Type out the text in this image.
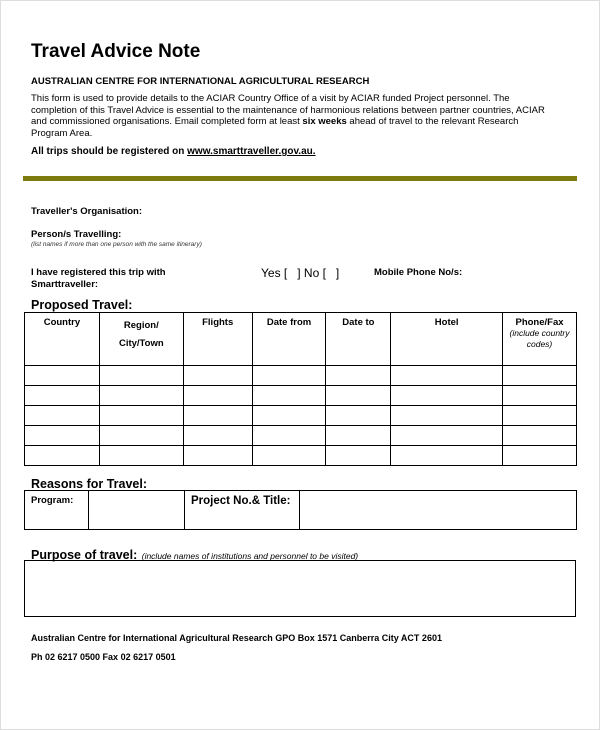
Travel Advice Note
AUSTRALIAN CENTRE FOR INTERNATIONAL AGRICULTURAL RESEARCH
This form is used to provide details to the ACIAR Country Office of a visit by ACIAR funded Project personnel. The completion of this Travel Advice is essential to the maintenance of harmonious relations between partner countries, ACIAR and commissioned organisations. Email completed form at least six weeks ahead of travel to the relevant Research Program Area.
All trips should be registered on www.smarttraveller.gov.au.
Traveller's Organisation:
Person/s Travelling:
(list names if more than one person with the same itinerary)
I have registered this trip with Smarttraveller:
Yes [   ] No [   ]	Mobile Phone No/s:
Proposed Travel:
Country	Region/ City/Town	Flights	Date from	Date to	Hotel	Phone/Fax
(include country codes)

Reasons for Travel:
Program:		Project No.& Title:	
Purpose of travel: (include names of institutions and personnel to be visited)
Australian Centre for International Agricultural Research GPO Box 1571 Canberra City ACT 2601
Ph 02 6217 0500 Fax 02 6217 0501
